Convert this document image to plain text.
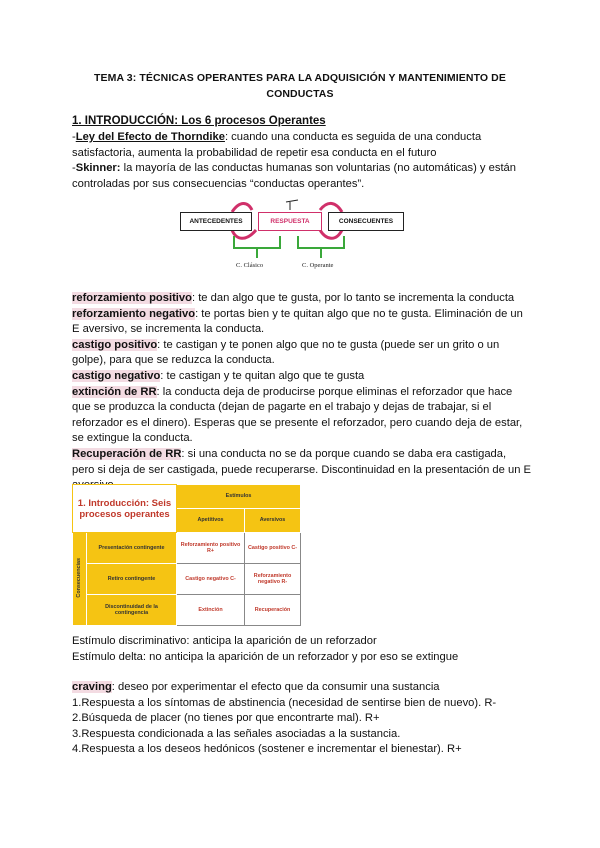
TEMA 3: TÉCNICAS OPERANTES PARA LA ADQUISICIÓN Y MANTENIMIENTO DE
CONDUCTAS
1. INTRODUCCIÓN: Los 6 procesos Operantes
-Ley del Efecto de Thorndike: cuando una conducta es seguida de una conducta
satisfactoria, aumenta la probabilidad de repetir esa conducta en el futuro
-Skinner: la mayoría de las conductas humanas son voluntarias (no automáticas) y están
controladas por sus consecuencias “conductas operantes”.
ANTECEDENTES	RESPUESTA	CONSECUENTES
C. Clásico	C. Operante
reforzamiento positivo: te dan algo que te gusta, por lo tanto se incrementa la conducta
reforzamiento negativo: te portas bien y te quitan algo que no te gusta. Eliminación de un
E aversivo, se incrementa la conducta.
castigo positivo: te castigan y te ponen algo que no te gusta (puede ser un grito o un
golpe), para que se reduzca la conducta.
castigo negativo: te castigan y te quitan algo que te gusta
extinción de RR: la conducta deja de producirse porque eliminas el reforzador que hace
que se produzca la conducta (dejan de pagarte en el trabajo y dejas de trabajar, si el
reforzador es el dinero). Esperas que se presente el reforzador, pero cuando deja de estar,
se extingue la conducta.
Recuperación de RR: si una conducta no se da porque cuando se daba era castigada,
pero si deja de ser castigada, puede recuperarse. Discontinuidad en la presentación de un E
1. Introducción: Seis procesos operantes		Estímulos	
		Apetitivos	Aversivos
Consecuencias	Presentación contingente	Reforzamiento positivo R+	Castigo positivo C-
	Retiro contingente	Castigo negativo C-	Reforzamiento negativo R-
	Discontinuidad de la contingencia	Extinción	Recuperación
Estímulo discriminativo: anticipa la aparición de un reforzador
Estímulo delta: no anticipa la aparición de un reforzador y por eso se extingue
craving: deseo por experimentar el efecto que da consumir una sustancia
1.Respuesta a los síntomas de abstinencia (necesidad de sentirse bien de nuevo). R-
2.Búsqueda de placer (no tienes por que encontrarte mal). R+
3.Respuesta condicionada a las señales asociadas a la sustancia.
4.Respuesta a los deseos hedónicos (sostener e incrementar el bienestar). R+
